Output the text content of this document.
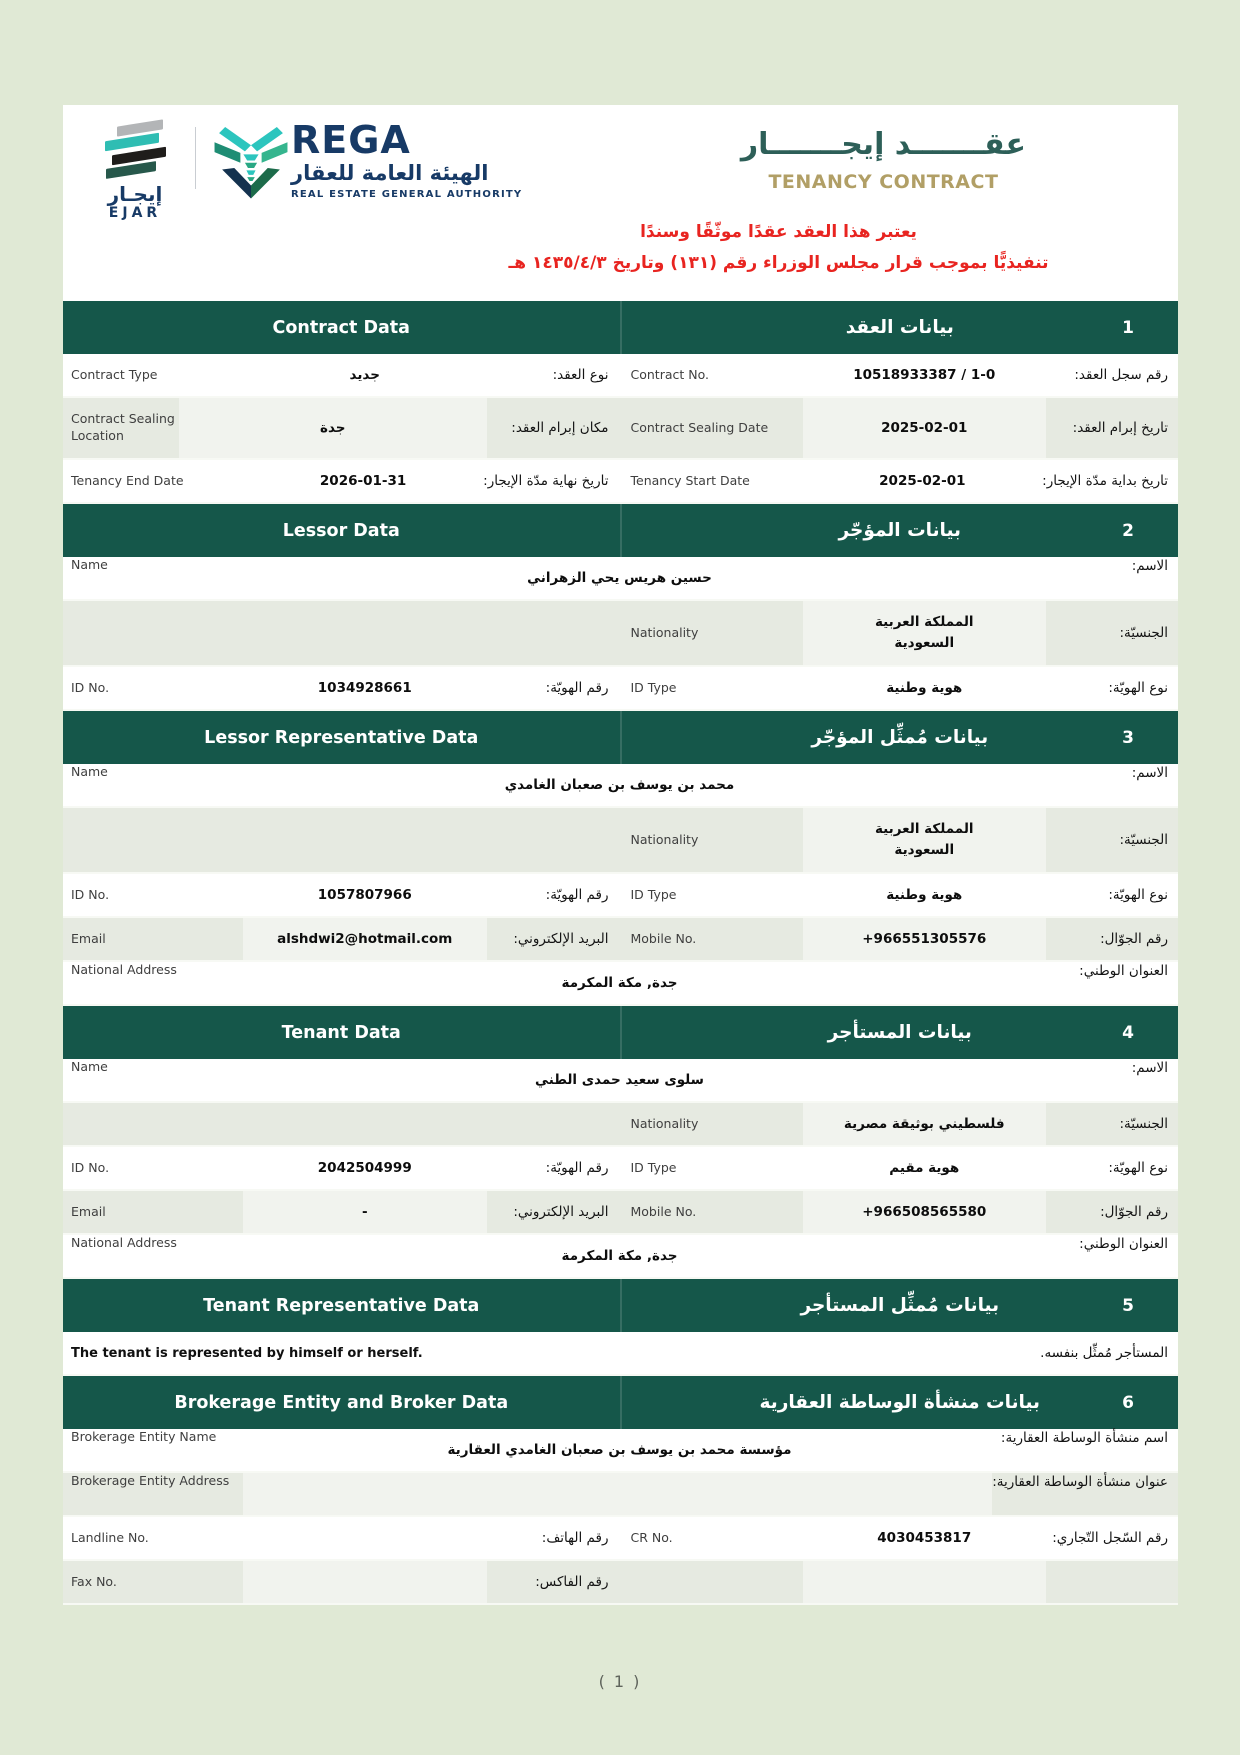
إيجـار
EJAR
REGA
الهيئة العامة للعقار
REAL ESTATE GENERAL AUTHORITY
عقـــــــد إيجـــــــار
TENANCY CONTRACT
يعتبر هذا العقد عقدًا موثّقًا وسندًا
تنفيذيًّا بموجب قرار مجلس الوزراء رقم (١٣١) وتاريخ ١٤٣٥/٤/٣ هـ
Contract Data	بيانات العقد	1
Contract Type	جديد	نوع العقد: Contract No.	10518933387 / 1-0	رقم سجل العقد:
Contract Sealing Location	جدة	مكان إبرام العقد: Contract Sealing Date	2025-02-01	تاريخ إبرام العقد:
Tenancy End Date	2026-01-31	تاريخ نهاية مدّة الإيجار: Tenancy Start Date	2025-02-01	تاريخ بداية مدّة الإيجار:
Lessor Data	بيانات المؤجّر	2
Name
حسين هريس يحي الزهراني
الاسم:
Nationality
المملكة العربية السعودية
الجنسيّة:
ID No.	1034928661	رقم الهويّة: ID Type	هوية وطنية	نوع الهويّة:
Lessor Representative Data	بيانات مُمثِّل المؤجّر	3
Name
محمد بن يوسف بن صعبان الغامدي
الاسم:
Nationality
المملكة العربية السعودية
الجنسيّة:
ID No.	1057807966	رقم الهويّة: ID Type	هوية وطنية	نوع الهويّة:
Email	alshdwi2@hotmail.com	البريد الإلكتروني: Mobile No.	+966551305576	رقم الجوّال:
National Address
جدة, مكة المكرمة
العنوان الوطني:
Tenant Data	بيانات المستأجر	4
Name
سلوى سعيد حمدى الطني
الاسم:
Nationality	فلسطيني بوثيقة مصرية	الجنسيّة:
ID No.	2042504999	رقم الهويّة: ID Type	هوية مقيم	نوع الهويّة:
Email	-	البريد الإلكتروني: Mobile No.	+966508565580	رقم الجوّال:
National Address
جدة, مكة المكرمة
العنوان الوطني:
Tenant Representative Data	بيانات مُمثِّل المستأجر	5
The tenant is represented by himself or herself.	المستأجر مُمثِّل بنفسه.
Brokerage Entity and Broker Data	بيانات منشأة الوساطة العقارية	6
Brokerage Entity Name
مؤسسة محمد بن يوسف بن صعبان الغامدي العقارية
اسم منشأة الوساطة العقارية:
Brokerage Entity Address	عنوان منشأة الوساطة العقارية:
Landline No.	رقم الهاتف: CR No.	4030453817	رقم السّجل التّجاري:
Fax No.	رقم الفاكس:
( 1 )
